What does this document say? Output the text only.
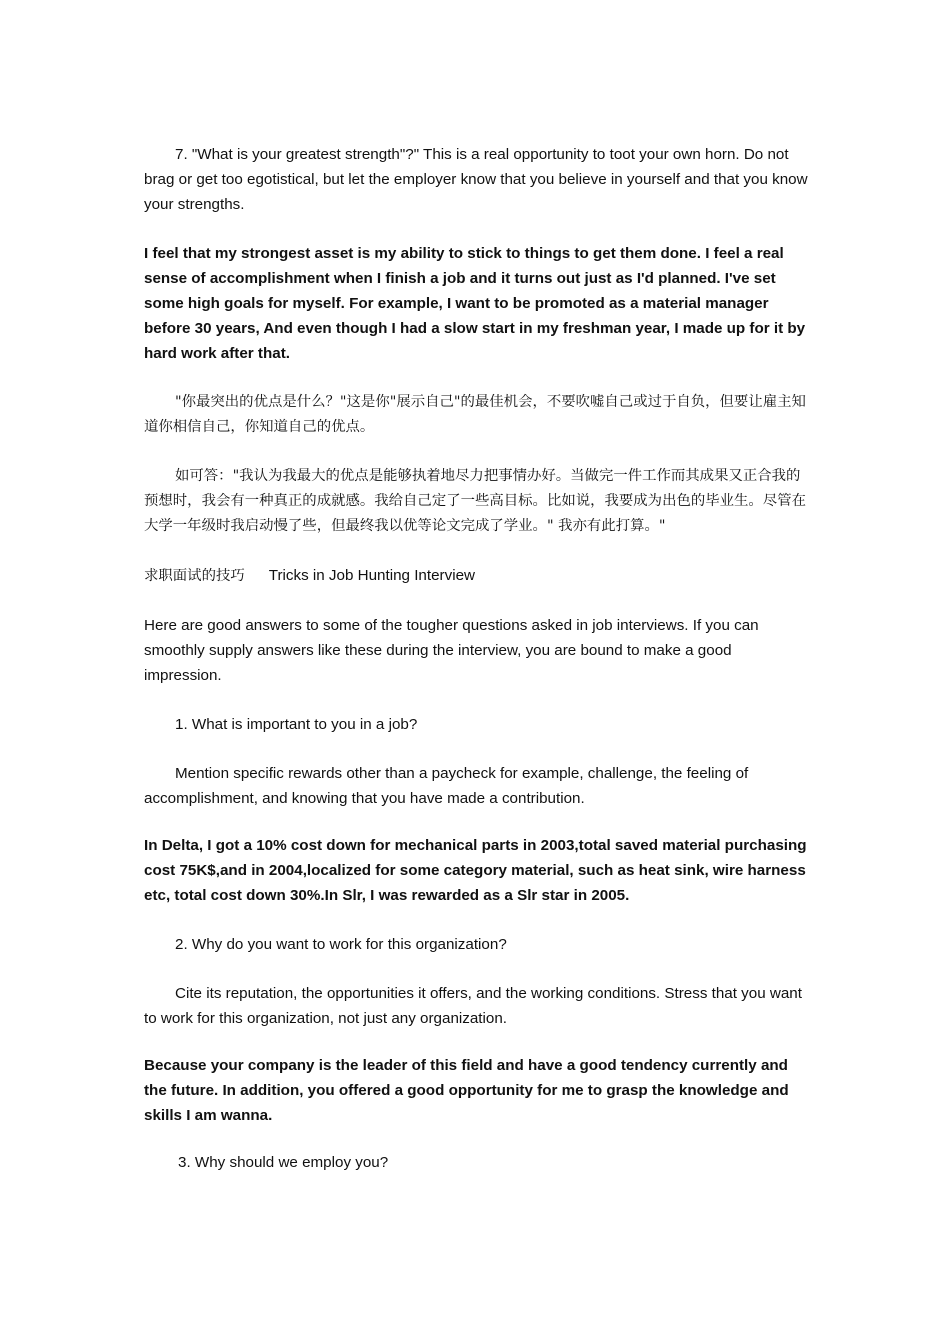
7. "What is your greatest strength"?" This is a real opportunity to toot your own horn. Do not brag or get too egotistical, but let the employer know that you believe in yourself and that you know your strengths.

I feel that my strongest asset is my ability to stick to things to get them done. I feel a real sense of accomplishment when I finish a job and it turns out just as I'd planned. I've set some high goals for myself. For example, I want to be promoted as a material manager before 30 years, And even though I had a slow start in my freshman year, I made up for it by hard work after that.

"你最突出的优点是什么？"这是你"展示自己"的最佳机会，不要吹嘘自己或过于自负，但要让雇主知道你相信自己，你知道自己的优点。

如可答："我认为我最大的优点是能够执着地尽力把事情办好。当做完一件工作而其成果又正合我的预想时，我会有一种真正的成就感。我给自己定了一些高目标。比如说，我要成为出色的毕业生。尽管在大学一年级时我启动慢了些，但最终我以优等论文完成了学业。" 我亦有此打算。"

求职面试的技巧 Tricks in Job Hunting Interview

Here are good answers to some of the tougher questions asked in job interviews. If you can smoothly supply answers like these during the interview, you are bound to make a good impression.

1. What is important to you in a job?

Mention specific rewards other than a paycheck for example, challenge, the feeling of accomplishment, and knowing that you have made a contribution.

In Delta, I got a 10% cost down for mechanical parts in 2003,total saved material purchasing cost 75K$,and in 2004,localized for some category material, such as heat sink, wire harness etc, total cost down 30%.In Slr, I was rewarded as a Slr star in 2005.

2. Why do you want to work for this organization?

Cite its reputation, the opportunities it offers, and the working conditions. Stress that you want to work for this organization, not just any organization.

Because your company is the leader of this field and have a good tendency currently and the future. In addition, you offered a good opportunity for me to grasp the knowledge and skills I am wanna.

3. Why should we employ you?
